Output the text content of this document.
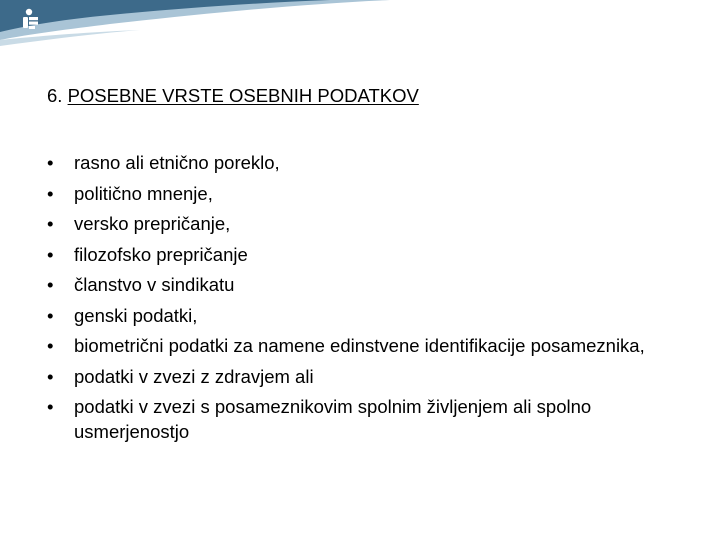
6. POSEBNE VRSTE OSEBNIH PODATKOV
•	rasno ali etnično poreklo,
•	politično mnenje,
•	versko prepričanje,
•	filozofsko prepričanje
•	članstvo v sindikatu
•	genski podatki,
•	biometrični podatki za namene edinstvene identifikacije posameznika,
•	podatki v zvezi z zdravjem ali
•	podatki v zvezi s posameznikovim spolnim življenjem ali spolno usmerjenostjo
